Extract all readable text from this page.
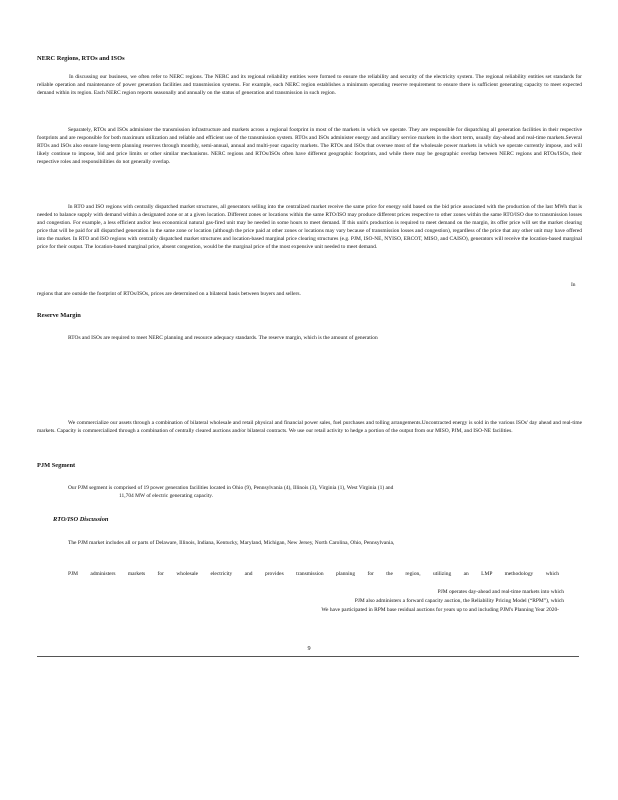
NERC Regions, RTOs and ISOs
In discussing our business, we often refer to NERC regions. The NERC and its regional reliability entities were formed to ensure the reliability and security of the electricity system. The regional reliability entities set standards for reliable operation and maintenance of power generation facilities and transmission systems. For example, each NERC region establishes a minimum operating reserve requirement to ensure there is sufficient generating capacity to meet expected demand within its region. Each NERC region reports seasonally and annually on the status of generation and transmission in such region.
Separately, RTOs and ISOs administer the transmission infrastructure and markets across a regional footprint in most of the markets in which we operate. They are responsible for dispatching all generation facilities in their respective footprints and are responsible for both maximum utilization and reliable and efficient use of the transmission system. RTOs and ISOs administer energy and ancillary service markets in the short term, usually day-ahead and real-time markets.Several RTOs and ISOs also ensure long-term planning reserves through monthly, semi-annual, annual and multi-year capacity markets. The RTOs and ISOs that oversee most of the wholesale power markets in which we operate currently impose, and will likely continue to impose, bid and price limits or other similar mechanisms. NERC regions and RTOs/ISOs often have different geographic footprints, and while there may be geographic overlap between NERC regions and RTOs/ISOs, their respective roles and responsibilities do not generally overlap.
In RTO and ISO regions with centrally dispatched market structures, all generators selling into the centralized market receive the same price for energy sold based on the bid price associated with the production of the last MWh that is needed to balance supply with demand within a designated zone or at a given location. Different zones or locations within the same RTO/ISO may produce different prices respective to other zones within the same RTO/ISO due to transmission losses and congestion. For example, a less efficient and/or less economical natural gas-fired unit may be needed in some hours to meet demand. If this unit's production is required to meet demand on the margin, its offer price will set the market clearing price that will be paid for all dispatched generation in the same zone or location (although the price paid at other zones or locations may vary because of transmission losses and congestion), regardless of the price that any other unit may have offered into the market. In RTO and ISO regions with centrally dispatched market structures and location-based marginal price clearing structures (e.g. PJM, ISO-NE, NYISO, ERCOT, MISO, and CAISO), generators will receive the location-based marginal price for their output. The location-based marginal price, absent congestion, would be the marginal price of the most expensive unit needed to meet demand.
In
regions that are outside the footprint of RTOs/ISOs, prices are determined on a bilateral basis between buyers and sellers.
Reserve Margin
RTOs and ISOs are required to meet NERC planning and resource adequacy standards. The reserve margin, which is the amount of generation
We commercialize our assets through a combination of bilateral wholesale and retail physical and financial power sales, fuel purchases and tolling arrangements.Uncontracted energy is sold in the various ISOs' day ahead and real-time markets. Capacity is commercialized through a combination of centrally cleared auctions and/or bilateral contracts. We use our retail activity to hedge a portion of the output from our MISO, PJM, and ISO-NE facilities.
PJM Segment
Our PJM segment is comprised of 19 power generation facilities located in Ohio (9), Pennsylvania (4), Illinois (3), Virginia (1), West Virginia (1) and
11,704 MW of electric generating capacity.
RTO/ISO Discussion
The PJM market includes all or parts of Delaware, Illinois, Indiana, Kentucky, Maryland, Michigan, New Jersey, North Carolina, Ohio, Pennsylvania,
PJM administers markets for wholesale electricity and provides transmission planning for the region, utilizing an LMP methodology which
PJM operates day-ahead and real-time markets into which
PJM also administers a forward capacity auction, the Reliability Pricing Model (“RPM”), which
We have participated in RPM base residual auctions for years up to and including PJM's Planning Year 2020-
9
